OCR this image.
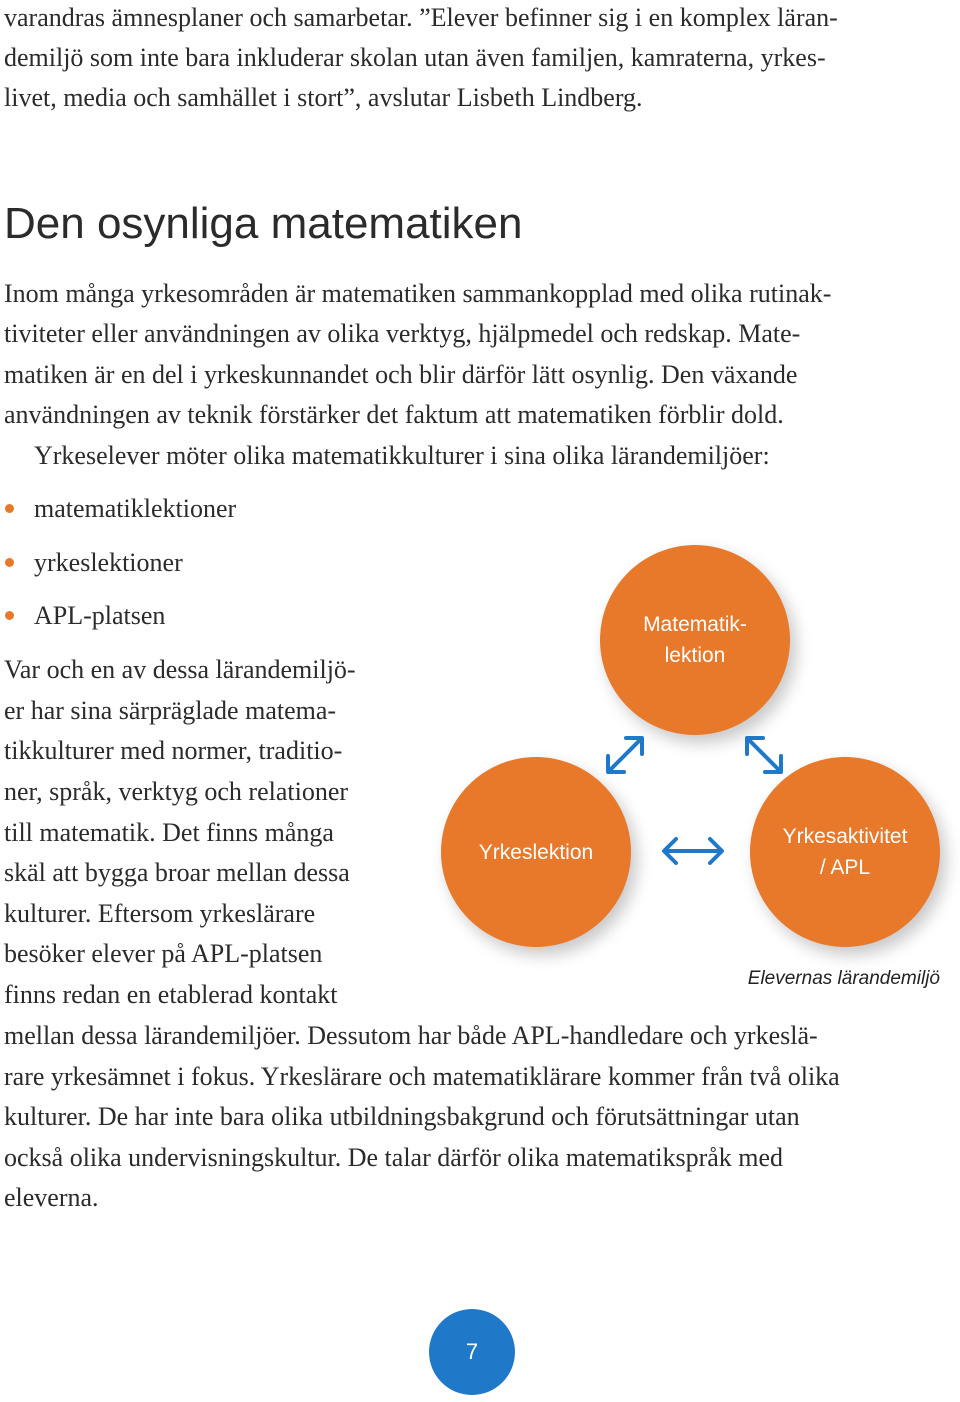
varandras ämnesplaner och samarbetar. ”Elever befinner sig i en komplex läran-
demiljö som inte bara inkluderar skolan utan även familjen, kamraterna, yrkes-
livet, media och samhället i stort”, avslutar Lisbeth Lindberg.
Den osynliga matematiken
Inom många yrkesområden är matematiken sammankopplad med olika rutinak-
tiviteter eller användningen av olika verktyg, hjälpmedel och redskap. Mate-
matiken är en del i yrkeskunnandet och blir därför lätt osynlig. Den växande
användningen av teknik förstärker det faktum att matematiken förblir dold.
Yrkeselever möter olika matematikkulturer i sina olika lärandemiljöer:
matematiklektioner
yrkeslektioner
APL-platsen
Var och en av dessa lärandemiljö-
er har sina särpräglade matema-
tikkulturer med normer, traditio-
ner, språk, verktyg och relationer
till matematik. Det finns många
skäl att bygga broar mellan dessa
kulturer. Eftersom yrkeslärare
besöker elever på APL-platsen
finns redan en etablerad kontakt
mellan dessa lärandemiljöer. Dessutom har både APL-handledare och yrkeslä-
rare yrkesämnet i fokus. Yrkeslärare och matematiklärare kommer från två olika
kulturer. De har inte bara olika utbildningsbakgrund och förutsättningar utan
också olika undervisningskultur. De talar därför olika matematikspråk med
eleverna.
Matematik-
lektion
Yrkeslektion
Yrkesaktivitet
/ APL
Elevernas lärandemiljö
7
